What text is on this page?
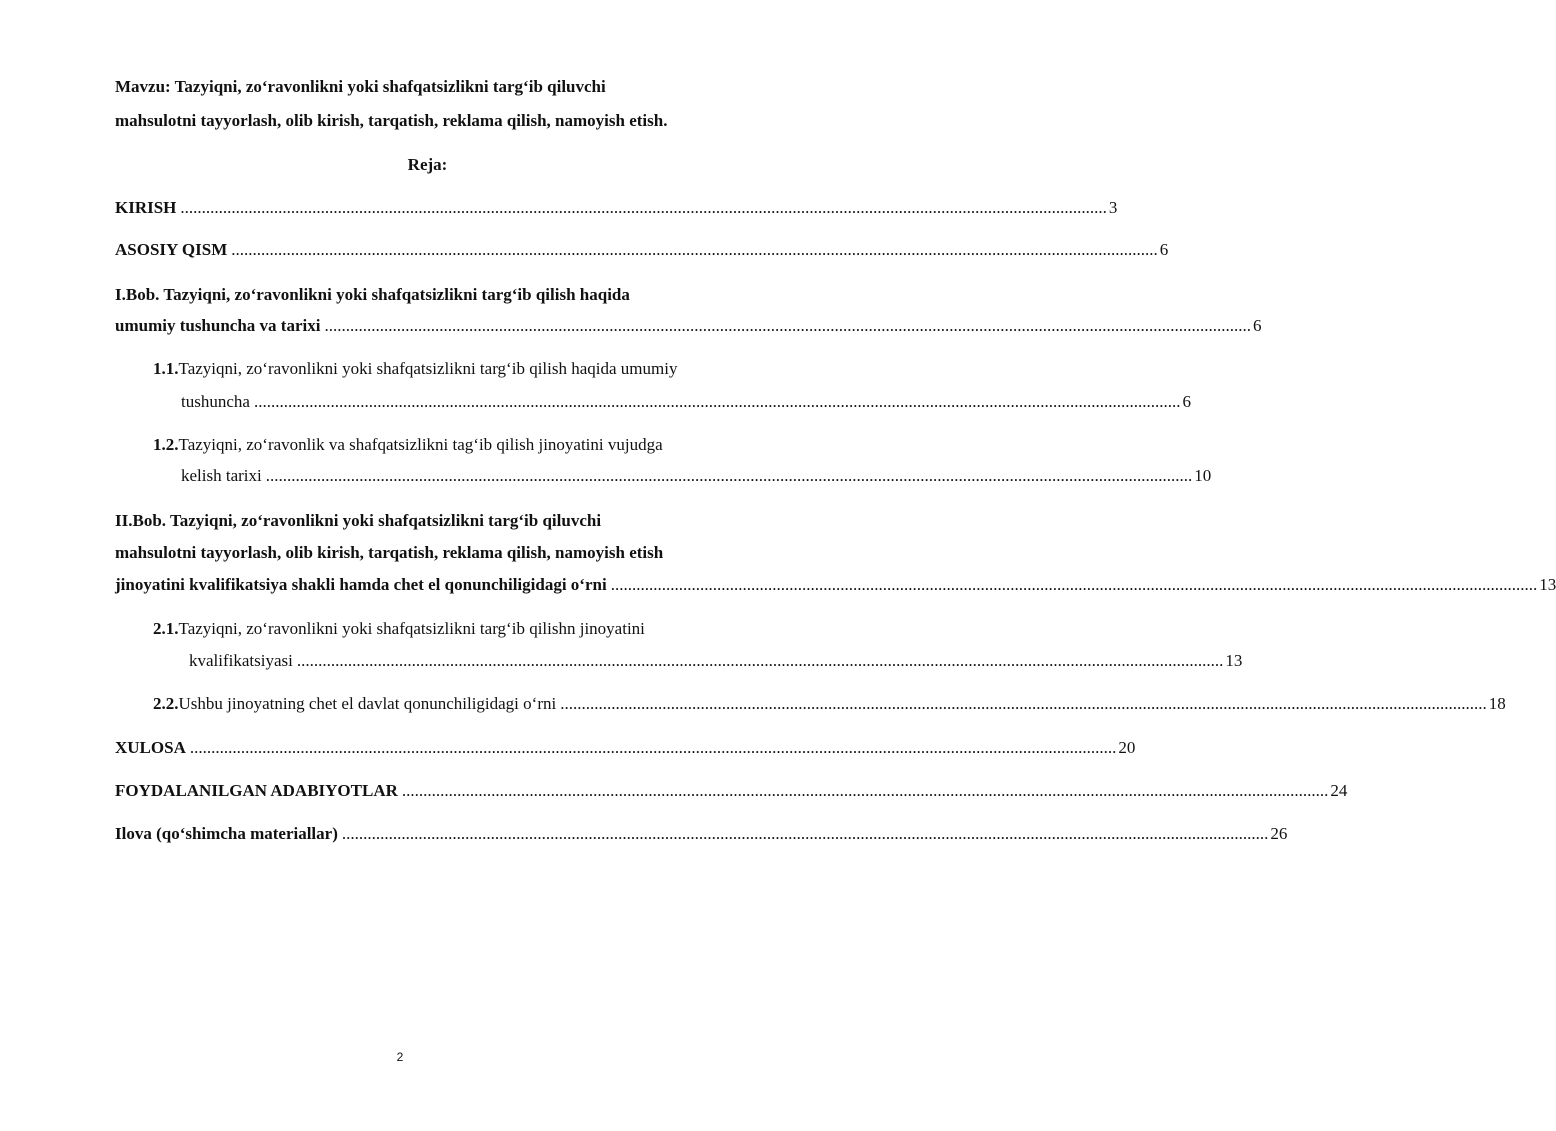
Mavzu: Tazyiqni, zo‘ravonlikni yoki shafqatsizlikni targ‘ib qiluvchi
mahsulotni tayyorlash, olib kirish, tarqatish, reklama qilish, namoyish etish.
Reja:
KIRISH .......................................................................................................................................................................................................................... 3
ASOSIY QISM .......................................................................................................................................................................................................................... 6
I.Bob. Tazyiqni, zo‘ravonlikni yoki shafqatsizlikni targ‘ib qilish haqida
umumiy tushuncha va tarixi .......................................................................................................................................................................................................................... 6
1.1.Tazyiqni, zo‘ravonlikni yoki shafqatsizlikni targ‘ib qilish haqida umumiy
tushuncha .......................................................................................................................................................................................................................... 6
1.2.Tazyiqni, zo‘ravonlik va shafqatsizlikni tag‘ib qilish jinoyatini vujudga
kelish tarixi .......................................................................................................................................................................................................................... 10
II.Bob. Tazyiqni, zo‘ravonlikni yoki shafqatsizlikni targ‘ib qiluvchi
mahsulotni tayyorlash, olib kirish, tarqatish, reklama qilish, namoyish etish
jinoyatini kvalifikatsiya shakli hamda chet el qonunchiligidagi o‘rni .......................................................................................................................................................................................................................... 13
2.1.Tazyiqni, zo‘ravonlikni yoki shafqatsizlikni targ‘ib qilishn jinoyatini
kvalifikatsiyasi .......................................................................................................................................................................................................................... 13
2.2.Ushbu jinoyatning chet el davlat qonunchiligidagi o‘rni .......................................................................................................................................................................................................................... 18
XULOSA .......................................................................................................................................................................................................................... 20
FOYDALANILGAN ADABIYOTLAR .......................................................................................................................................................................................................................... 24
Ilova (qo‘shimcha materiallar) .......................................................................................................................................................................................................................... 26
2
